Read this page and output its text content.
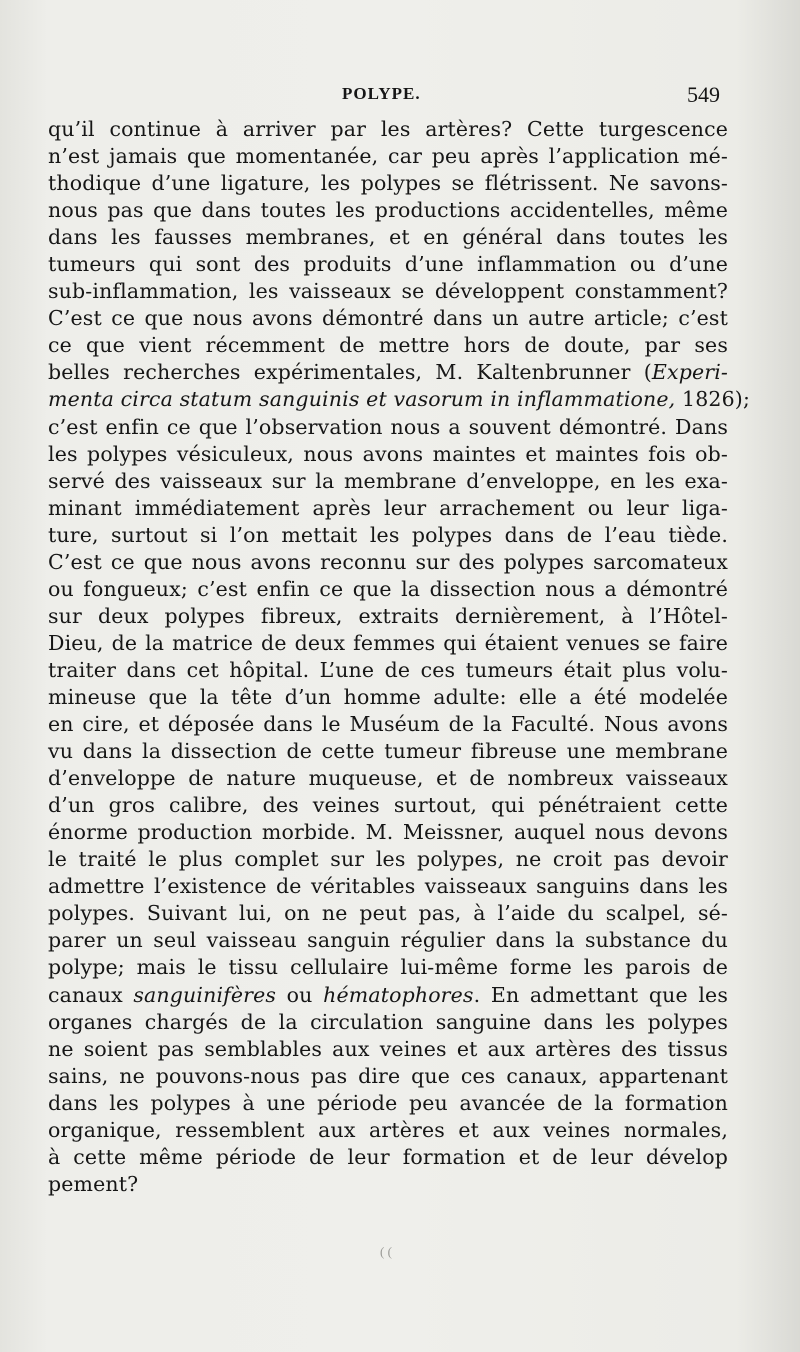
POLYPE.	549
qu’il continue à arriver par les artères? Cette turgescence
n’est jamais que momentanée, car peu après l’application mé-
thodique d’une ligature, les polypes se flétrissent. Ne savons-
nous pas que dans toutes les productions accidentelles, même
dans les fausses membranes, et en général dans toutes les
tumeurs qui sont des produits d’une inflammation ou d’une
sub-inflammation, les vaisseaux se développent constamment?
C’est ce que nous avons démontré dans un autre article; c’est
ce que vient récemment de mettre hors de doute, par ses
belles recherches expérimentales, M. Kaltenbrunner (Experi-
menta circa statum sanguinis et vasorum in inflammatione, 1826);
c’est enfin ce que l’observation nous a souvent démontré. Dans
les polypes vésiculeux, nous avons maintes et maintes fois ob-
servé des vaisseaux sur la membrane d’enveloppe, en les exa-
minant immédiatement après leur arrachement ou leur liga-
ture, surtout si l’on mettait les polypes dans de l’eau tiède.
C’est ce que nous avons reconnu sur des polypes sarcomateux
ou fongueux; c’est enfin ce que la dissection nous a démontré
sur deux polypes fibreux, extraits dernièrement, à l’Hôtel-
Dieu, de la matrice de deux femmes qui étaient venues se faire
traiter dans cet hôpital. L’une de ces tumeurs était plus volu-
mineuse que la tête d’un homme adulte: elle a été modelée
en cire, et déposée dans le Muséum de la Faculté. Nous avons
vu dans la dissection de cette tumeur fibreuse une membrane
d’enveloppe de nature muqueuse, et de nombreux vaisseaux
d’un gros calibre, des veines surtout, qui pénétraient cette
énorme production morbide. M. Meissner, auquel nous devons
le traité le plus complet sur les polypes, ne croit pas devoir
admettre l’existence de véritables vaisseaux sanguins dans les
polypes. Suivant lui, on ne peut pas, à l’aide du scalpel, sé-
parer un seul vaisseau sanguin régulier dans la substance du
polype; mais le tissu cellulaire lui-même forme les parois de
canaux sanguinifères ou hématophores. En admettant que les
organes chargés de la circulation sanguine dans les polypes
ne soient pas semblables aux veines et aux artères des tissus
sains, ne pouvons-nous pas dire que ces canaux, appartenant
dans les polypes à une période peu avancée de la formation
organique, ressemblent aux artères et aux veines normales,
à cette même période de leur formation et de leur dévelop
pement?
( (
